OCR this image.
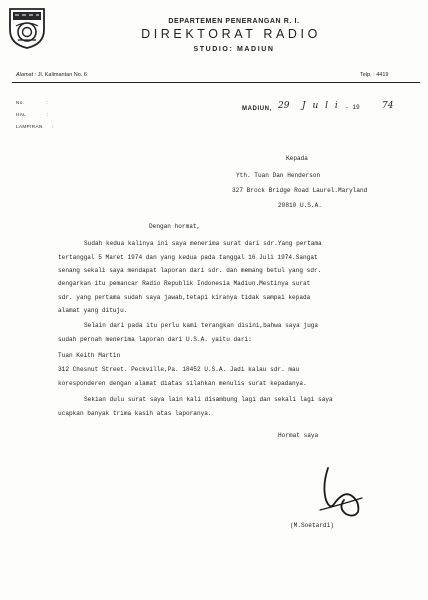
DEPARTEMEN PENERANGAN R. I.
DIREKTORAT RADIO
STUDIO: MADIUN
Alamat : Jl. Kalimantan No. 6	Telp. : 4419
No.	:
HAL	:
LAMPIRAN :
MADIUN, 29 J u l i - 19 74
Kepada
Yth. Tuan Dan Henderson
327 Brock Bridge Road Laurel.Maryland
20810 U.S.A.
Dengan hormat,
Sudah kedua kalinya ini saya menerima surat dari sdr.Yang pertama
tertanggal 5 Maret 1974 dan yang kedua pada tanggal 16 Juli 1974.Sangat
senang sekali saya mendapat laporan dari sdr. dan memang betul yang sdr.
dengarkan itu pemancar Radio Republik Indonesia Madiun.Mestinya surat
sdr. yang pertama sudah saya jawab,tetapi kiranya tidak sampai kepada
alamat yang dituju.
Selain dari pada itu perlu kami terangkan disini,bahwa saya juga
sudah pernah menerima laporan dari U.S.A. yaitu dari:
Tuan Keith Martin
312 Chesnut Street. Peckville,Pa. 18452 U.S.A. Jadi kalau sdr. mau
koresponderen dengan alamat diatas silahkan menulis surat kepadanya.
Sekian dulu surat saya lain kali disambung lagi dan sekali lagi saya
ucapkan banyak trima kasih atas laporanya.
Hormat saya
(M.Soetardi)
